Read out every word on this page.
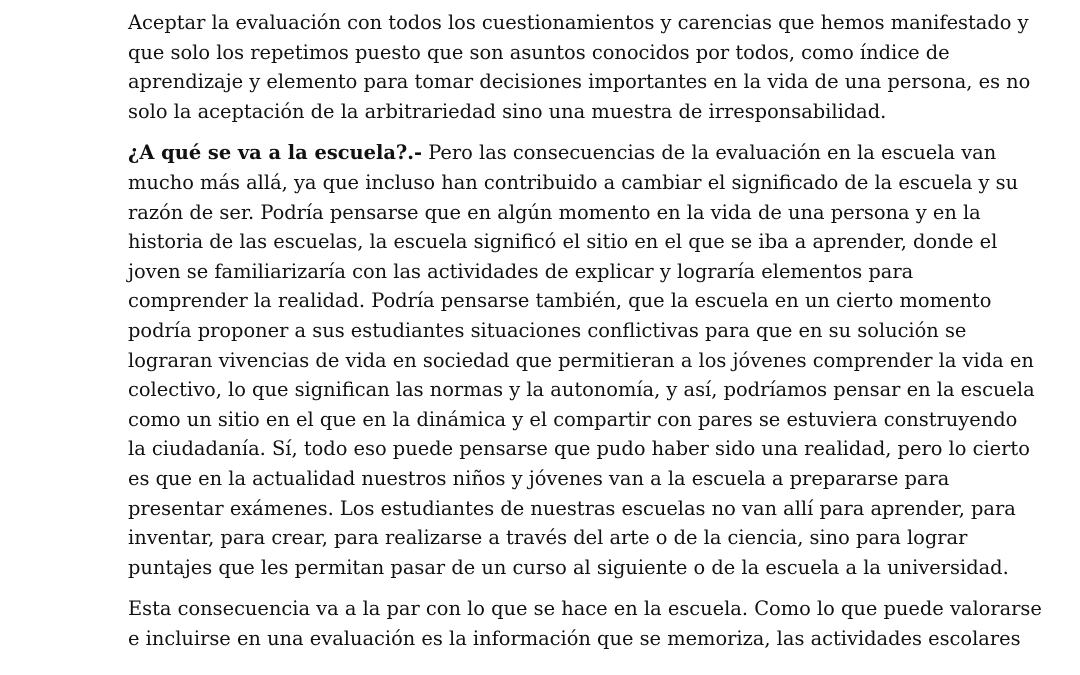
Aceptar la evaluación con todos los cuestionamientos y carencias que hemos manifestado y
que solo los repetimos puesto que son asuntos conocidos por todos, como índice de
aprendizaje y elemento para tomar decisiones importantes en la vida de una persona, es no
solo la aceptación de la arbitrariedad sino una muestra de irresponsabilidad.

¿A qué se va a la escuela?.- Pero las consecuencias de la evaluación en la escuela van
mucho más allá, ya que incluso han contribuido a cambiar el significado de la escuela y su
razón de ser. Podría pensarse que en algún momento en la vida de una persona y en la
historia de las escuelas, la escuela significó el sitio en el que se iba a aprender, donde el
joven se familiarizaría con las actividades de explicar y lograría elementos para
comprender la realidad. Podría pensarse también, que la escuela en un cierto momento
podría proponer a sus estudiantes situaciones conflictivas para que en su solución se
lograran vivencias de vida en sociedad que permitieran a los jóvenes comprender la vida en
colectivo, lo que significan las normas y la autonomía, y así, podríamos pensar en la escuela
como un sitio en el que en la dinámica y el compartir con pares se estuviera construyendo
la ciudadanía. Sí, todo eso puede pensarse que pudo haber sido una realidad, pero lo cierto
es que en la actualidad nuestros niños y jóvenes van a la escuela a prepararse para
presentar exámenes. Los estudiantes de nuestras escuelas no van allí para aprender, para
inventar, para crear, para realizarse a través del arte o de la ciencia, sino para lograr
puntajes que les permitan pasar de un curso al siguiente o de la escuela a la universidad.

Esta consecuencia va a la par con lo que se hace en la escuela. Como lo que puede valorarse
e incluirse en una evaluación es la información que se memoriza, las actividades escolares
